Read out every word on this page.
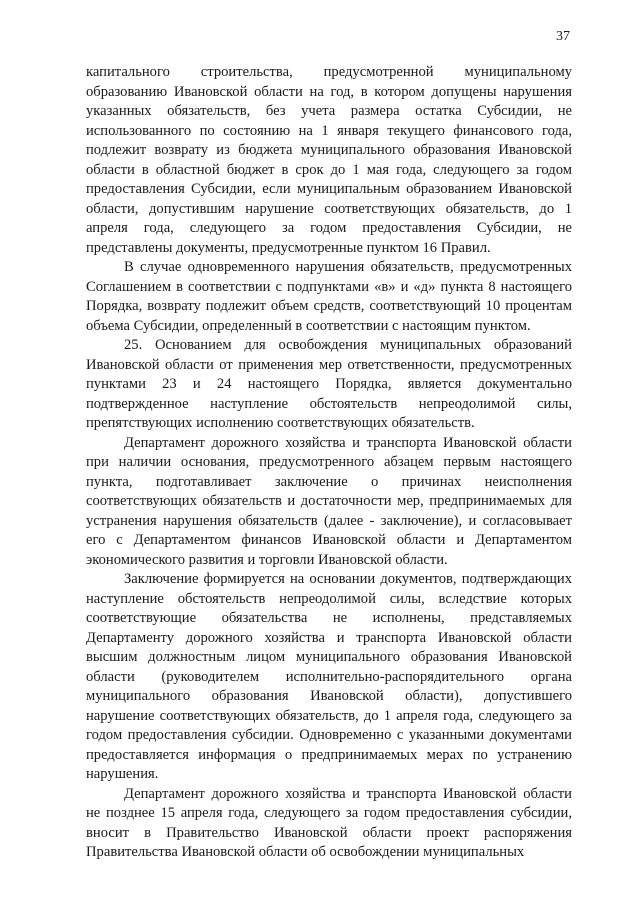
37

капитального строительства, предусмотренной муниципальному образованию Ивановской области на год, в котором допущены нарушения указанных обязательств, без учета размера остатка Субсидии, не использованного по состоянию на 1 января текущего финансового года, подлежит возврату из бюджета муниципального образования Ивановской области в областной бюджет в срок до 1 мая года, следующего за годом предоставления Субсидии, если муниципальным образованием Ивановской области, допустившим нарушение соответствующих обязательств, до 1 апреля года, следующего за годом предоставления Субсидии, не представлены документы, предусмотренные пунктом 16 Правил.

В случае одновременного нарушения обязательств, предусмотренных Соглашением в соответствии с подпунктами «в» и «д» пункта 8 настоящего Порядка, возврату подлежит объем средств, соответствующий 10 процентам объема Субсидии, определенный в соответствии с настоящим пунктом.

25. Основанием для освобождения муниципальных образований Ивановской области от применения мер ответственности, предусмотренных пунктами 23 и 24 настоящего Порядка, является документально подтвержденное наступление обстоятельств непреодолимой силы, препятствующих исполнению соответствующих обязательств.

Департамент дорожного хозяйства и транспорта Ивановской области при наличии основания, предусмотренного абзацем первым настоящего пункта, подготавливает заключение о причинах неисполнения соответствующих обязательств и достаточности мер, предпринимаемых для устранения нарушения обязательств (далее - заключение), и согласовывает его с Департаментом финансов Ивановской области и Департаментом экономического развития и торговли Ивановской области.

Заключение формируется на основании документов, подтверждающих наступление обстоятельств непреодолимой силы, вследствие которых соответствующие обязательства не исполнены, представляемых Департаменту дорожного хозяйства и транспорта Ивановской области высшим должностным лицом муниципального образования Ивановской области (руководителем исполнительно-распорядительного органа муниципального образования Ивановской области), допустившего нарушение соответствующих обязательств, до 1 апреля года, следующего за годом предоставления субсидии. Одновременно с указанными документами предоставляется информация о предпринимаемых мерах по устранению нарушения.

Департамент дорожного хозяйства и транспорта Ивановской области не позднее 15 апреля года, следующего за годом предоставления субсидии, вносит в Правительство Ивановской области проект распоряжения Правительства Ивановской области об освобождении муниципальных
